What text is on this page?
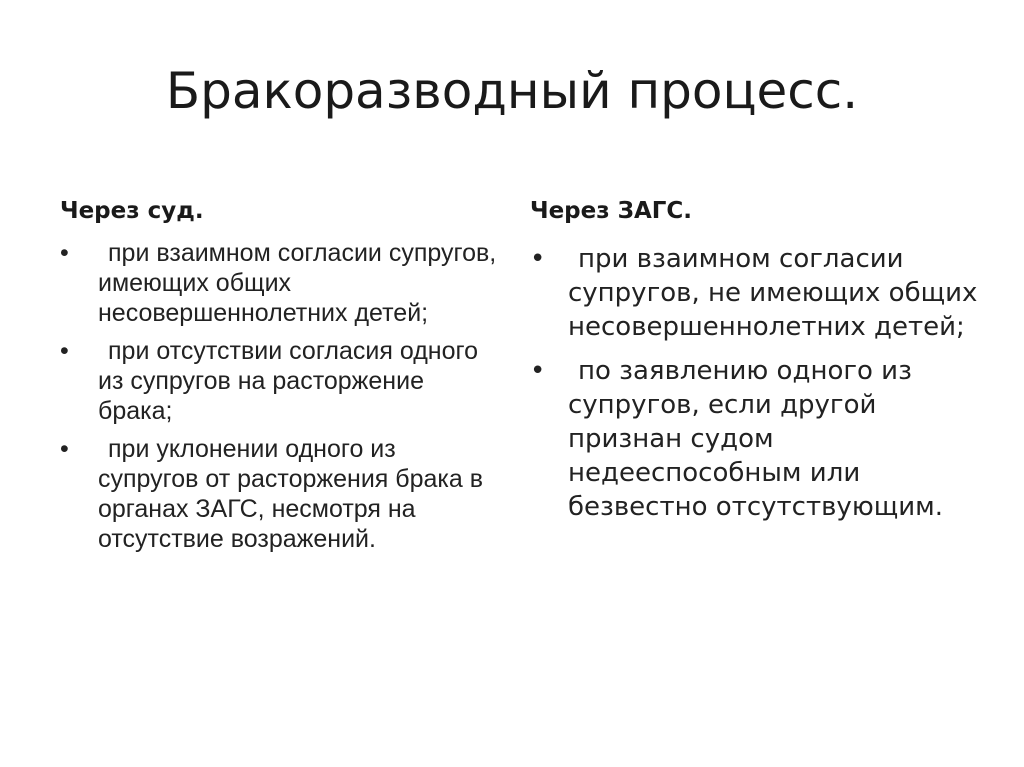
Бракоразводный процесс.
Через суд.
• при взаимном согласии супругов, имеющих общих несовершеннолетних детей;
• при отсутствии согласия одного из супругов на расторжение брака;
• при уклонении одного из супругов от расторжения брака в органах ЗАГС, несмотря на отсутствие возражений.
Через ЗАГС.
• при взаимном согласии супругов, не имеющих общих несовершеннолетних детей;
• по заявлению одного из супругов, если другой признан судом недееспособным или безвестно отсутствующим.
